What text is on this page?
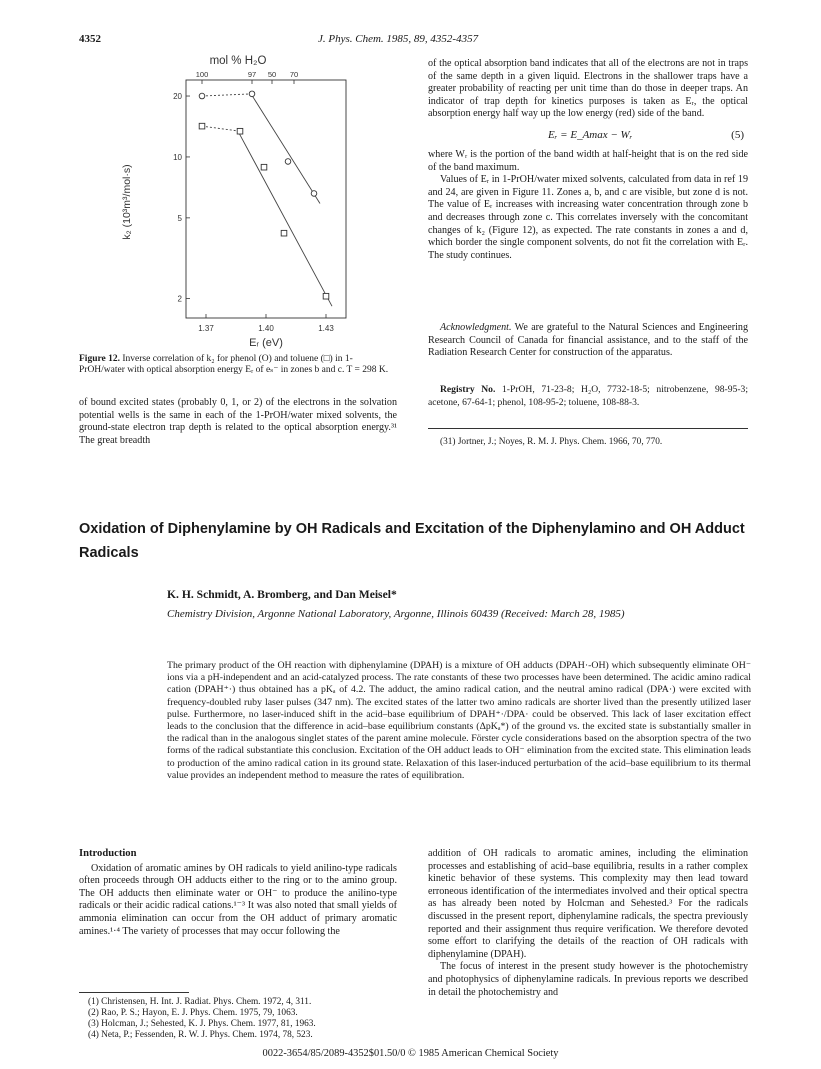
4352	J. Phys. Chem. 1985, 89, 4352-4357
mol % H₂O
100	97 50 70
k₂ (10³m³/mol·s)
20
10
5
2
1.37	1.40	1.43
Eᵣ (eV)
Figure 12. Inverse correlation of k₂ for phenol (O) and toluene (□) in 1-PrOH/water with optical absorption energy Eᵣ of eₛ⁻ in zones b and c. T = 298 K.

of bound excited states (probably 0, 1, or 2) of the electrons in the solvation potential wells is the same in each of the 1-PrOH/water mixed solvents, the ground-state electron trap depth is related to the optical absorption energy.³¹ The great breadth

of the optical absorption band indicates that all of the electrons are not in traps of the same depth in a given liquid. Electrons in the shallower traps have a greater probability of reacting per unit time than do those in deeper traps. An indicator of trap depth for kinetics purposes is taken as Eᵣ, the optical absorption energy half way up the low energy (red) side of the band.

Eᵣ = E_Amax − Wᵣ	(5)

where Wᵣ is the portion of the band width at half-height that is on the red side of the band maximum.

Values of Eᵣ in 1-PrOH/water mixed solvents, calculated from data in ref 19 and 24, are given in Figure 11. Zones a, b, and c are visible, but zone d is not. The value of Eᵣ increases with increasing water concentration through zone b and decreases through zone c. This correlates inversely with the concomitant changes of k₂ (Figure 12), as expected. The rate constants in zones a and d, which border the single component solvents, do not fit the correlation with Eᵣ. The study continues.

Acknowledgment. We are grateful to the Natural Sciences and Engineering Research Council of Canada for financial assistance, and to the staff of the Radiation Research Center for construction of the apparatus.

Registry No. 1-PrOH, 71-23-8; H₂O, 7732-18-5; nitrobenzene, 98-95-3; acetone, 67-64-1; phenol, 108-95-2; toluene, 108-88-3.

(31) Jortner, J.; Noyes, R. M. J. Phys. Chem. 1966, 70, 770.
Oxidation of Diphenylamine by OH Radicals and Excitation of the Diphenylamino and OH Adduct Radicals
K. H. Schmidt, A. Bromberg, and Dan Meisel*
Chemistry Division, Argonne National Laboratory, Argonne, Illinois 60439 (Received: March 28, 1985)
The primary product of the OH reaction with diphenylamine (DPAH) is a mixture of OH adducts (DPAH·-OH) which subsequently eliminate OH⁻ ions via a pH-independent and an acid-catalyzed process. The rate constants of these two processes have been determined. The acidic amino radical cation (DPAH⁺·) thus obtained has a pKₐ of 4.2. The adduct, the amino radical cation, and the neutral amino radical (DPA·) were excited with frequency-doubled ruby laser pulses (347 nm). The excited states of the latter two amino radicals are shorter lived than the presently utilized laser pulse. Furthermore, no laser-induced shift in the acid–base equilibrium of DPAH⁺·/DPA· could be observed. This lack of laser excitation effect leads to the conclusion that the difference in acid–base equilibrium constants (ΔpKₐ*) of the ground vs. the excited state is substantially smaller in the radical than in the analogous singlet states of the parent amine molecule. Förster cycle considerations based on the absorption spectra of the two forms of the radical substantiate this conclusion. Excitation of the OH adduct leads to OH⁻ elimination from the excited state. This elimination leads to production of the amino radical cation in its ground state. Relaxation of this laser-induced perturbation of the acid–base equilibrium to its thermal value provides an independent method to measure the rates of equilibration.
Introduction

Oxidation of aromatic amines by OH radicals to yield anilino-type radicals often proceeds through OH adducts either to the ring or to the amino group. The OH adducts then eliminate water or OH⁻ to produce the anilino-type radicals or their acidic radical cations.¹⁻³ It was also noted that small yields of ammonia elimination can occur from the OH adduct of primary aromatic amines.¹·⁴ The variety of processes that may occur following the

(1) Christensen, H. Int. J. Radiat. Phys. Chem. 1972, 4, 311.
(2) Rao, P. S.; Hayon, E. J. Phys. Chem. 1975, 79, 1063.
(3) Holcman, J.; Sehested, K. J. Phys. Chem. 1977, 81, 1963.
(4) Neta, P.; Fessenden, R. W. J. Phys. Chem. 1974, 78, 523.

addition of OH radicals to aromatic amines, including the elimination processes and establishing of acid–base equilibria, results in a rather complex kinetic behavior of these systems. This complexity may then lead toward erroneous identification of the intermediates involved and their optical spectra as has already been noted by Holcman and Sehested.³ For the radicals discussed in the present report, diphenylamine radicals, the spectra previously reported and their assignment thus require verification. We therefore devoted some effort to clarifying the details of the reaction of OH radicals with diphenylamine (DPAH).

The focus of interest in the present study however is the photochemistry and photophysics of diphenylamine radicals. In previous reports we described in detail the photochemistry and

0022-3654/85/2089-4352$01.50/0 © 1985 American Chemical Society
